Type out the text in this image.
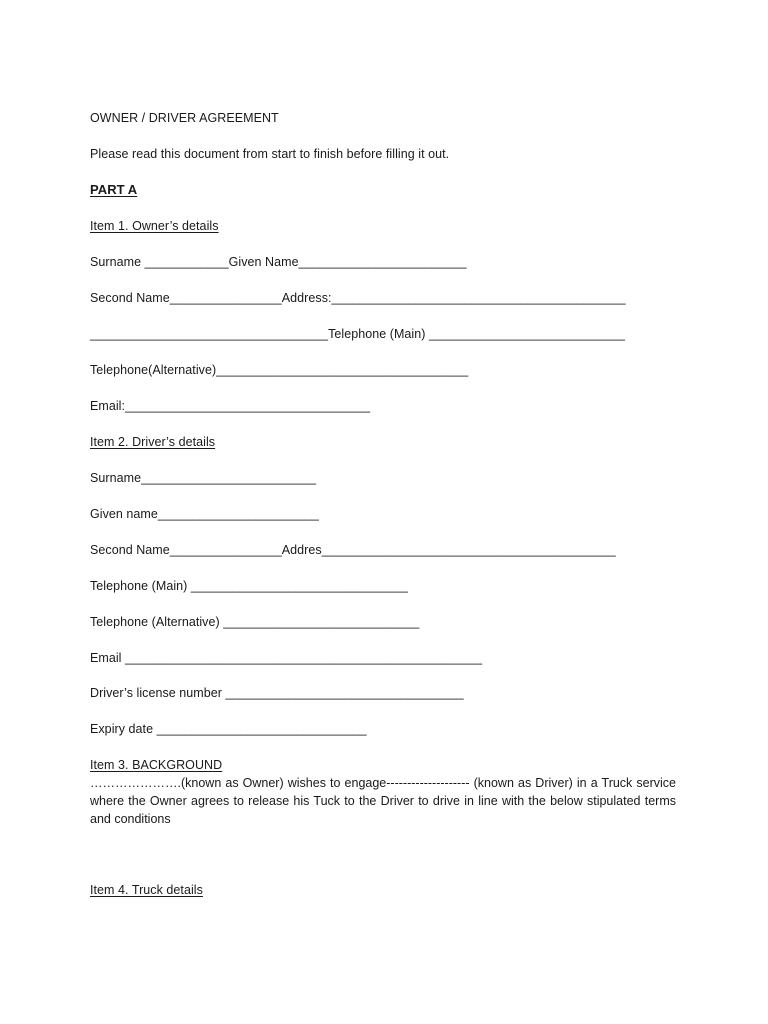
OWNER / DRIVER AGREEMENT
Please read this document from start to finish before filling it out.
PART A
Item 1. Owner’s details
Surname ____________Given Name________________________
Second Name________________Address:__________________________________________
__________________________________Telephone (Main) ____________________________
Telephone(Alternative)____________________________________
Email:___________________________________
Item 2. Driver’s details
Surname_________________________
Given name_______________________
Second Name________________Addres__________________________________________
Telephone (Main) _______________________________
Telephone (Alternative) ____________________________
Email ___________________________________________________
Driver’s license number __________________________________
Expiry date ______________________________
Item 3. BACKGROUND
………………….(known as Owner) wishes to engage-------------------- (known as Driver) in a Truck service where the Owner agrees to release his Tuck to the Driver to drive in line with the below stipulated terms and conditions
Item 4. Truck details
